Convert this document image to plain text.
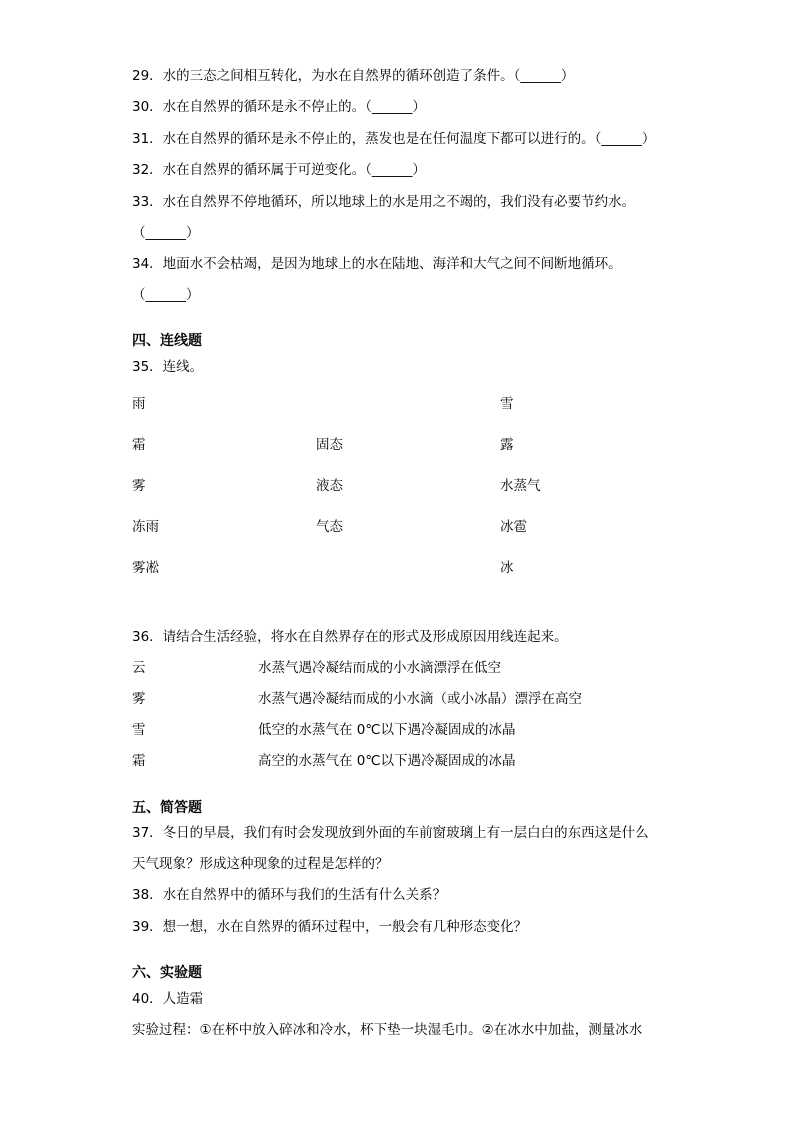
29．水的三态之间相互转化，为水在自然界的循环创造了条件。（______）
30．水在自然界的循环是永不停止的。（______）
31．水在自然界的循环是永不停止的，蒸发也是在任何温度下都可以进行的。（______）
32．水在自然界的循环属于可逆变化。（______）
33．水在自然界不停地循环，所以地球上的水是用之不竭的，我们没有必要节约水。
（______）
34．地面水不会枯竭，是因为地球上的水在陆地、海洋和大气之间不间断地循环。
（______）
四、连线题
35．连线。
雨
霜
雾
冻雨
雾凇
固态
液态
气态
雪
露
水蒸气
冰雹
冰
36．请结合生活经验，将水在自然界存在的形式及形成原因用线连起来。
云
雾
雪
霜
水蒸气遇冷凝结而成的小水滴漂浮在低空
水蒸气遇冷凝结而成的小水滴（或小冰晶）漂浮在高空
低空的水蒸气在 0℃以下遇冷凝固成的冰晶
高空的水蒸气在 0℃以下遇冷凝固成的冰晶
五、简答题
37．冬日的早晨，我们有时会发现放到外面的车前窗玻璃上有一层白白的东西这是什么
天气现象？形成这种现象的过程是怎样的？
38．水在自然界中的循环与我们的生活有什么关系？
39．想一想，水在自然界的循环过程中，一般会有几种形态变化？
六、实验题
40．人造霜
实验过程：①在杯中放入碎冰和冷水，杯下垫一块湿毛巾。②在冰水中加盐，测量冰水
